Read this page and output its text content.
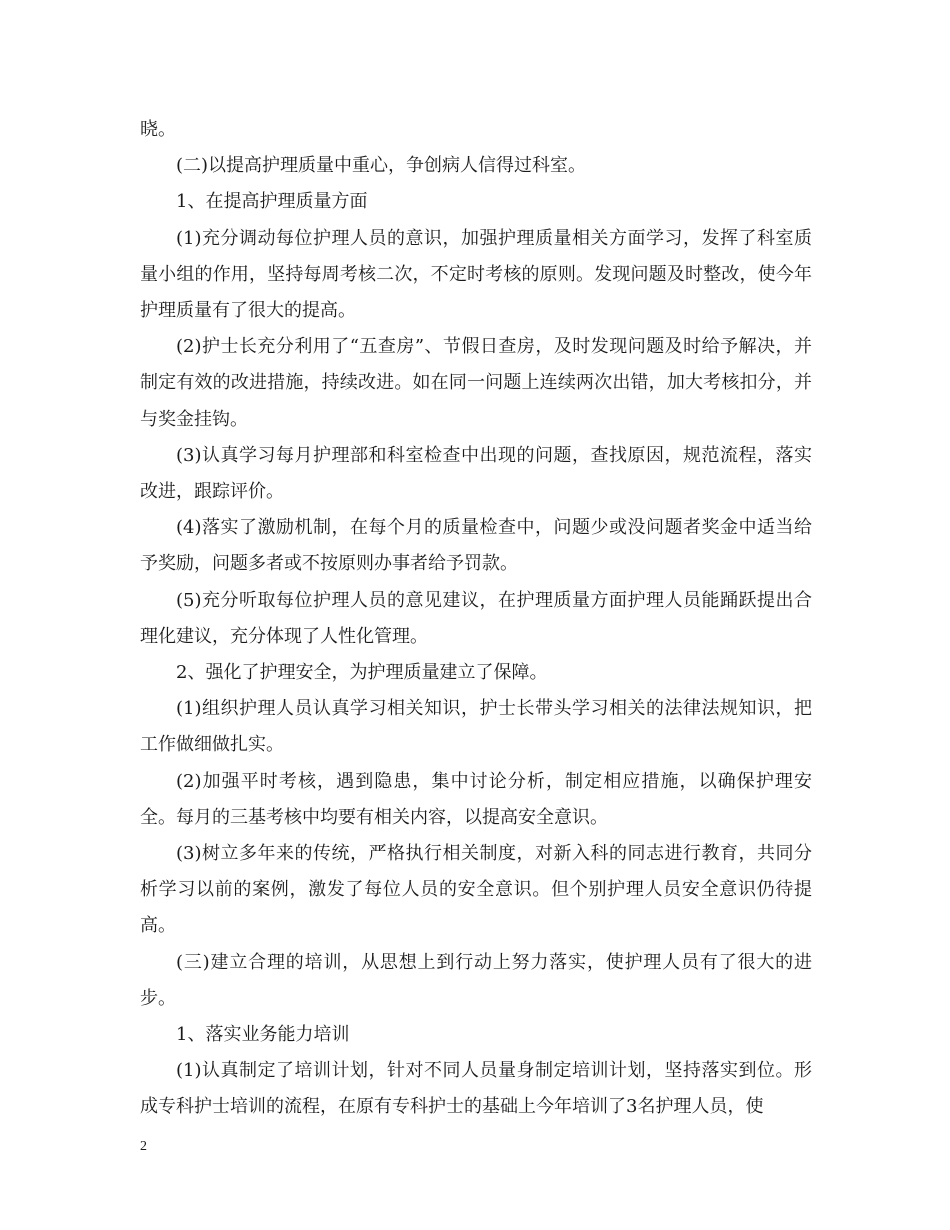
晓。

(二)以提高护理质量中重心，争创病人信得过科室。

1、在提高护理质量方面

(1)充分调动每位护理人员的意识，加强护理质量相关方面学习，发挥了科室质量小组的作用，坚持每周考核二次，不定时考核的原则。发现问题及时整改，使今年护理质量有了很大的提高。

(2)护士长充分利用了“五查房”、节假日查房，及时发现问题及时给予解决，并制定有效的改进措施，持续改进。如在同一问题上连续两次出错，加大考核扣分，并与奖金挂钩。

(3)认真学习每月护理部和科室检查中出现的问题，查找原因，规范流程，落实改进，跟踪评价。

(4)落实了激励机制，在每个月的质量检查中，问题少或没问题者奖金中适当给予奖励，问题多者或不按原则办事者给予罚款。

(5)充分听取每位护理人员的意见建议，在护理质量方面护理人员能踊跃提出合理化建议，充分体现了人性化管理。

2、强化了护理安全，为护理质量建立了保障。

(1)组织护理人员认真学习相关知识，护士长带头学习相关的法律法规知识，把工作做细做扎实。

(2)加强平时考核，遇到隐患，集中讨论分析，制定相应措施，以确保护理安全。每月的三基考核中均要有相关内容，以提高安全意识。

(3)树立多年来的传统，严格执行相关制度，对新入科的同志进行教育，共同分析学习以前的案例，激发了每位人员的安全意识。但个别护理人员安全意识仍待提高。

(三)建立合理的培训，从思想上到行动上努力落实，使护理人员有了很大的进步。

1、落实业务能力培训

(1)认真制定了培训计划，针对不同人员量身制定培训计划，坚持落实到位。形成专科护士培训的流程，在原有专科护士的基础上今年培训了3名护理人员，使

2
